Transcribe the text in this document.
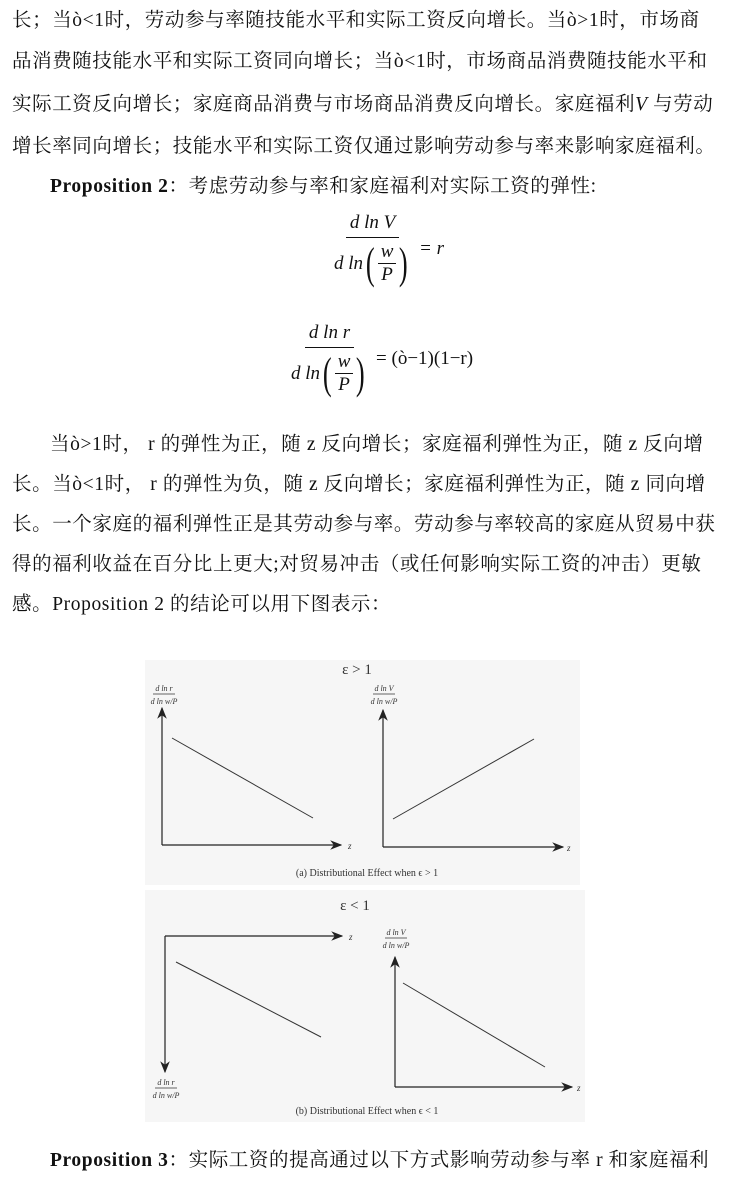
长；当ò<1时，劳动参与率随技能水平和实际工资反向增长。当ò>1时，市场商
品消费随技能水平和实际工资同向增长；当ò<1时，市场商品消费随技能水平和
实际工资反向增长；家庭商品消费与市场商品消费反向增长。家庭福利V 与劳动
增长率同向增长；技能水平和实际工资仅通过影响劳动参与率来影响家庭福利。
Proposition 2：考虑劳动参与率和家庭福利对实际工资的弹性:
$\frac{\text{d ln V}}{d \ln ( \frac{w}{P} )} = r$
$\frac{\text{d ln r}}{d \ln ( \frac{w}{P} )}$ = (ò−1)(1−r)
当ò>1时， r 的弹性为正，随 z 反向增长；家庭福利弹性为正，随 z 反向增
长。当ò<1时， r 的弹性为负，随 z 反向增长；家庭福利弹性为正，随 z 同向增
长。一个家庭的福利弹性正是其劳动参与率。劳动参与率较高的家庭从贸易中获
得的福利收益在百分比上更大;对贸易冲击（或任何影响实际工资的冲击）更敏
感。Proposition 2 的结论可以用下图表示：
ε > 1
d ln r
d ln w/P
z
d ln V
d ln w/P
z
(a) Distributional Effect when ϵ > 1
ε < 1
z
d ln r
d ln w/P
d ln V
d ln w/P
z
(b) Distributional Effect when ϵ < 1
Proposition 3：实际工资的提高通过以下方式影响劳动参与率 r 和家庭福利
